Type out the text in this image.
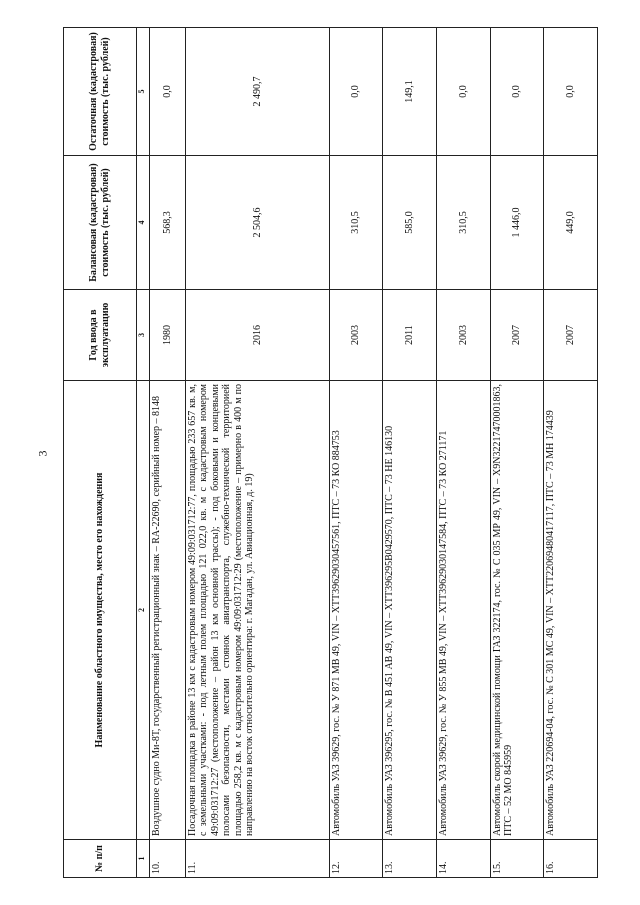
3
№ п/п	Наименование областного имущества, место его нахождения	Год ввода в эксплуатацию	Балансовая (кадастровая) стоимость (тыс. рублей)	Остаточная (кадастровая) стоимость (тыс. рублей)
1	2	3	4	5
10.	Воздушное судно Ми-8Т, государственный регистрационный знак – RA-22690, серийный номер – 8148	1980	568,3	0,0
11.	Посадочная площадка в районе 13 км с кадастровым номером 49:09:031712:77, площадью 233 657 кв. м, с земельными участками: - под летным полем площадью 121 022,0 кв. м с кадастровым номером 49:09:031712:27 (местоположение – район 13 км основной трассы); - под боковыми и концевыми полосами безопасности, местами стоянок авиатранспорта, служебно-технической территорией площадью 258,2 кв. м с кадастровым номером 49:09:031712:29 (местоположение – примерно в 400 м по направлению на восток относительно ориентира: г. Магадан, ул. Авиационная, д. 19)	2016	2 504,6	2 490,7
12.	Автомобиль УАЗ 39629, гос. № У 871 МВ 49, VIN – ХТТ39629030457561, ПТС – 73 КО 884753	2003	310,5	0,0
13.	Автомобиль УАЗ 396295, гос. № В 451 АВ 49, VIN – ХТТ396295В0429570, ПТС – 73 НЕ 146130	2011	585,0	149,1
14.	Автомобиль УАЗ 39629, гос. № У 855 МВ 49, VIN – ХТТ39629030147584, ПТС – 73 КО 271171	2003	310,5	0,0
15.	Автомобиль скорой медицинской помощи ГАЗ 322174, гос. № С 035 МР 49, VIN – X9N32217470001863, ПТС – 52 МО 845959	2007	1 446,0	0,0
16.	Автомобиль УАЗ 220694-04, гос. № С 301 МС 49, VIN – ХТТ22069480417117, ПТС – 73 МН 174439	2007	449,0	0,0
